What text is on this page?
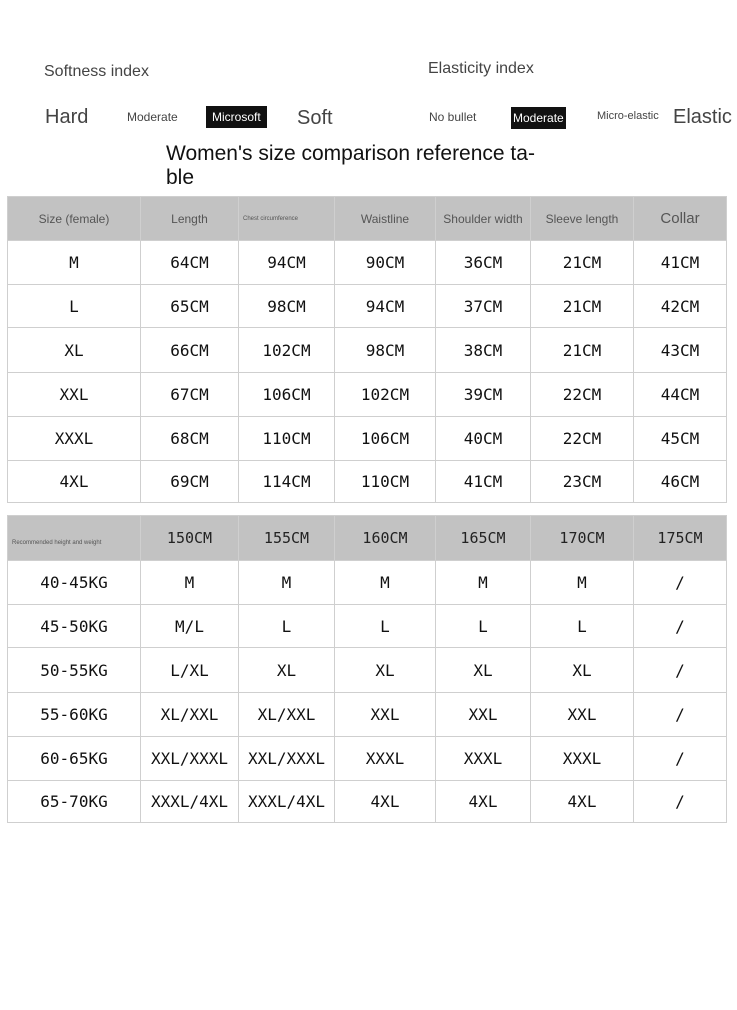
Softness index
Hard	Moderate	Microsoft	Soft
Elasticity index
No bullet	Moderate	Micro-elastic Elastic
Women's size comparison reference ta- ble
Size (female)	Length	Chest circumference	Waistline	Shoulder width	Sleeve length	Collar
M	64CM	94CM	90CM	36CM	21CM	41CM
L	65CM	98CM	94CM	37CM	21CM	42CM
XL	66CM	102CM	98CM	38CM	21CM	43CM
XXL	67CM	106CM	102CM	39CM	22CM	44CM
XXXL	68CM	110CM	106CM	40CM	22CM	45CM
4XL	69CM	114CM	110CM	41CM	23CM	46CM
Recommended height and weight	150CM	155CM	160CM	165CM	170CM	175CM
40-45KG	M	M	M	M	M	/
45-50KG	M/L	L	L	L	L	/
50-55KG	L/XL	XL	XL	XL	XL	/
55-60KG	XL/XXL	XL/XXL	XXL	XXL	XXL	/
60-65KG	XXL/XXXL	XXL/XXXL	XXXL	XXXL	XXXL	/
65-70KG	XXXL/4XL	XXXL/4XL	4XL	4XL	4XL	/
